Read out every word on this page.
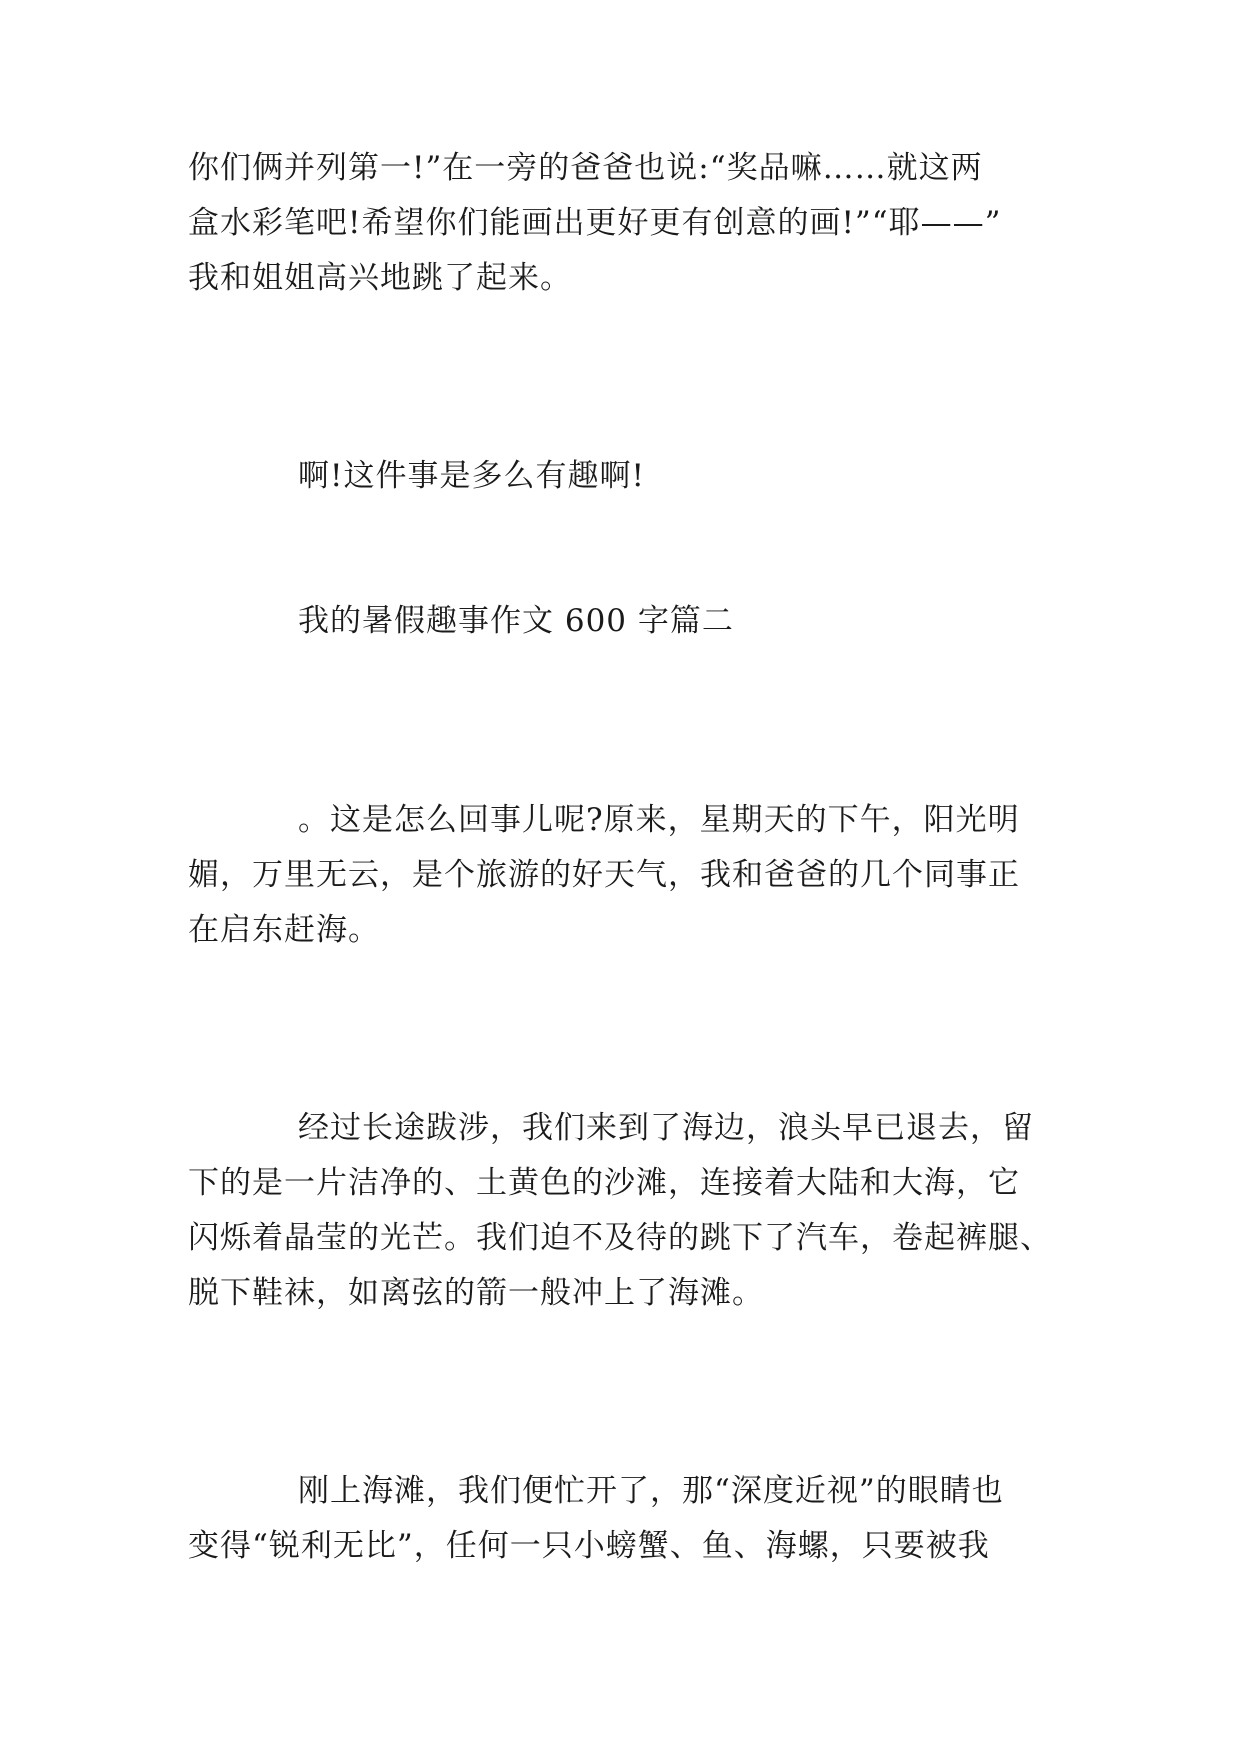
你们俩并列第一!”在一旁的爸爸也说:“奖品嘛……就这两
盒水彩笔吧!希望你们能画出更好更有创意的画!”“耶——”
我和姐姐高兴地跳了起来。
啊!这件事是多么有趣啊!
我的暑假趣事作文 600 字篇二
。这是怎么回事儿呢?原来，星期天的下午，阳光明
媚，万里无云，是个旅游的好天气，我和爸爸的几个同事正
在启东赶海。
经过长途跋涉，我们来到了海边，浪头早已退去，留
下的是一片洁净的、土黄色的沙滩，连接着大陆和大海，它
闪烁着晶莹的光芒。我们迫不及待的跳下了汽车，卷起裤腿、
脱下鞋袜，如离弦的箭一般冲上了海滩。
刚上海滩，我们便忙开了，那“深度近视”的眼睛也
变得“锐利无比”，任何一只小螃蟹、鱼、海螺，只要被我
